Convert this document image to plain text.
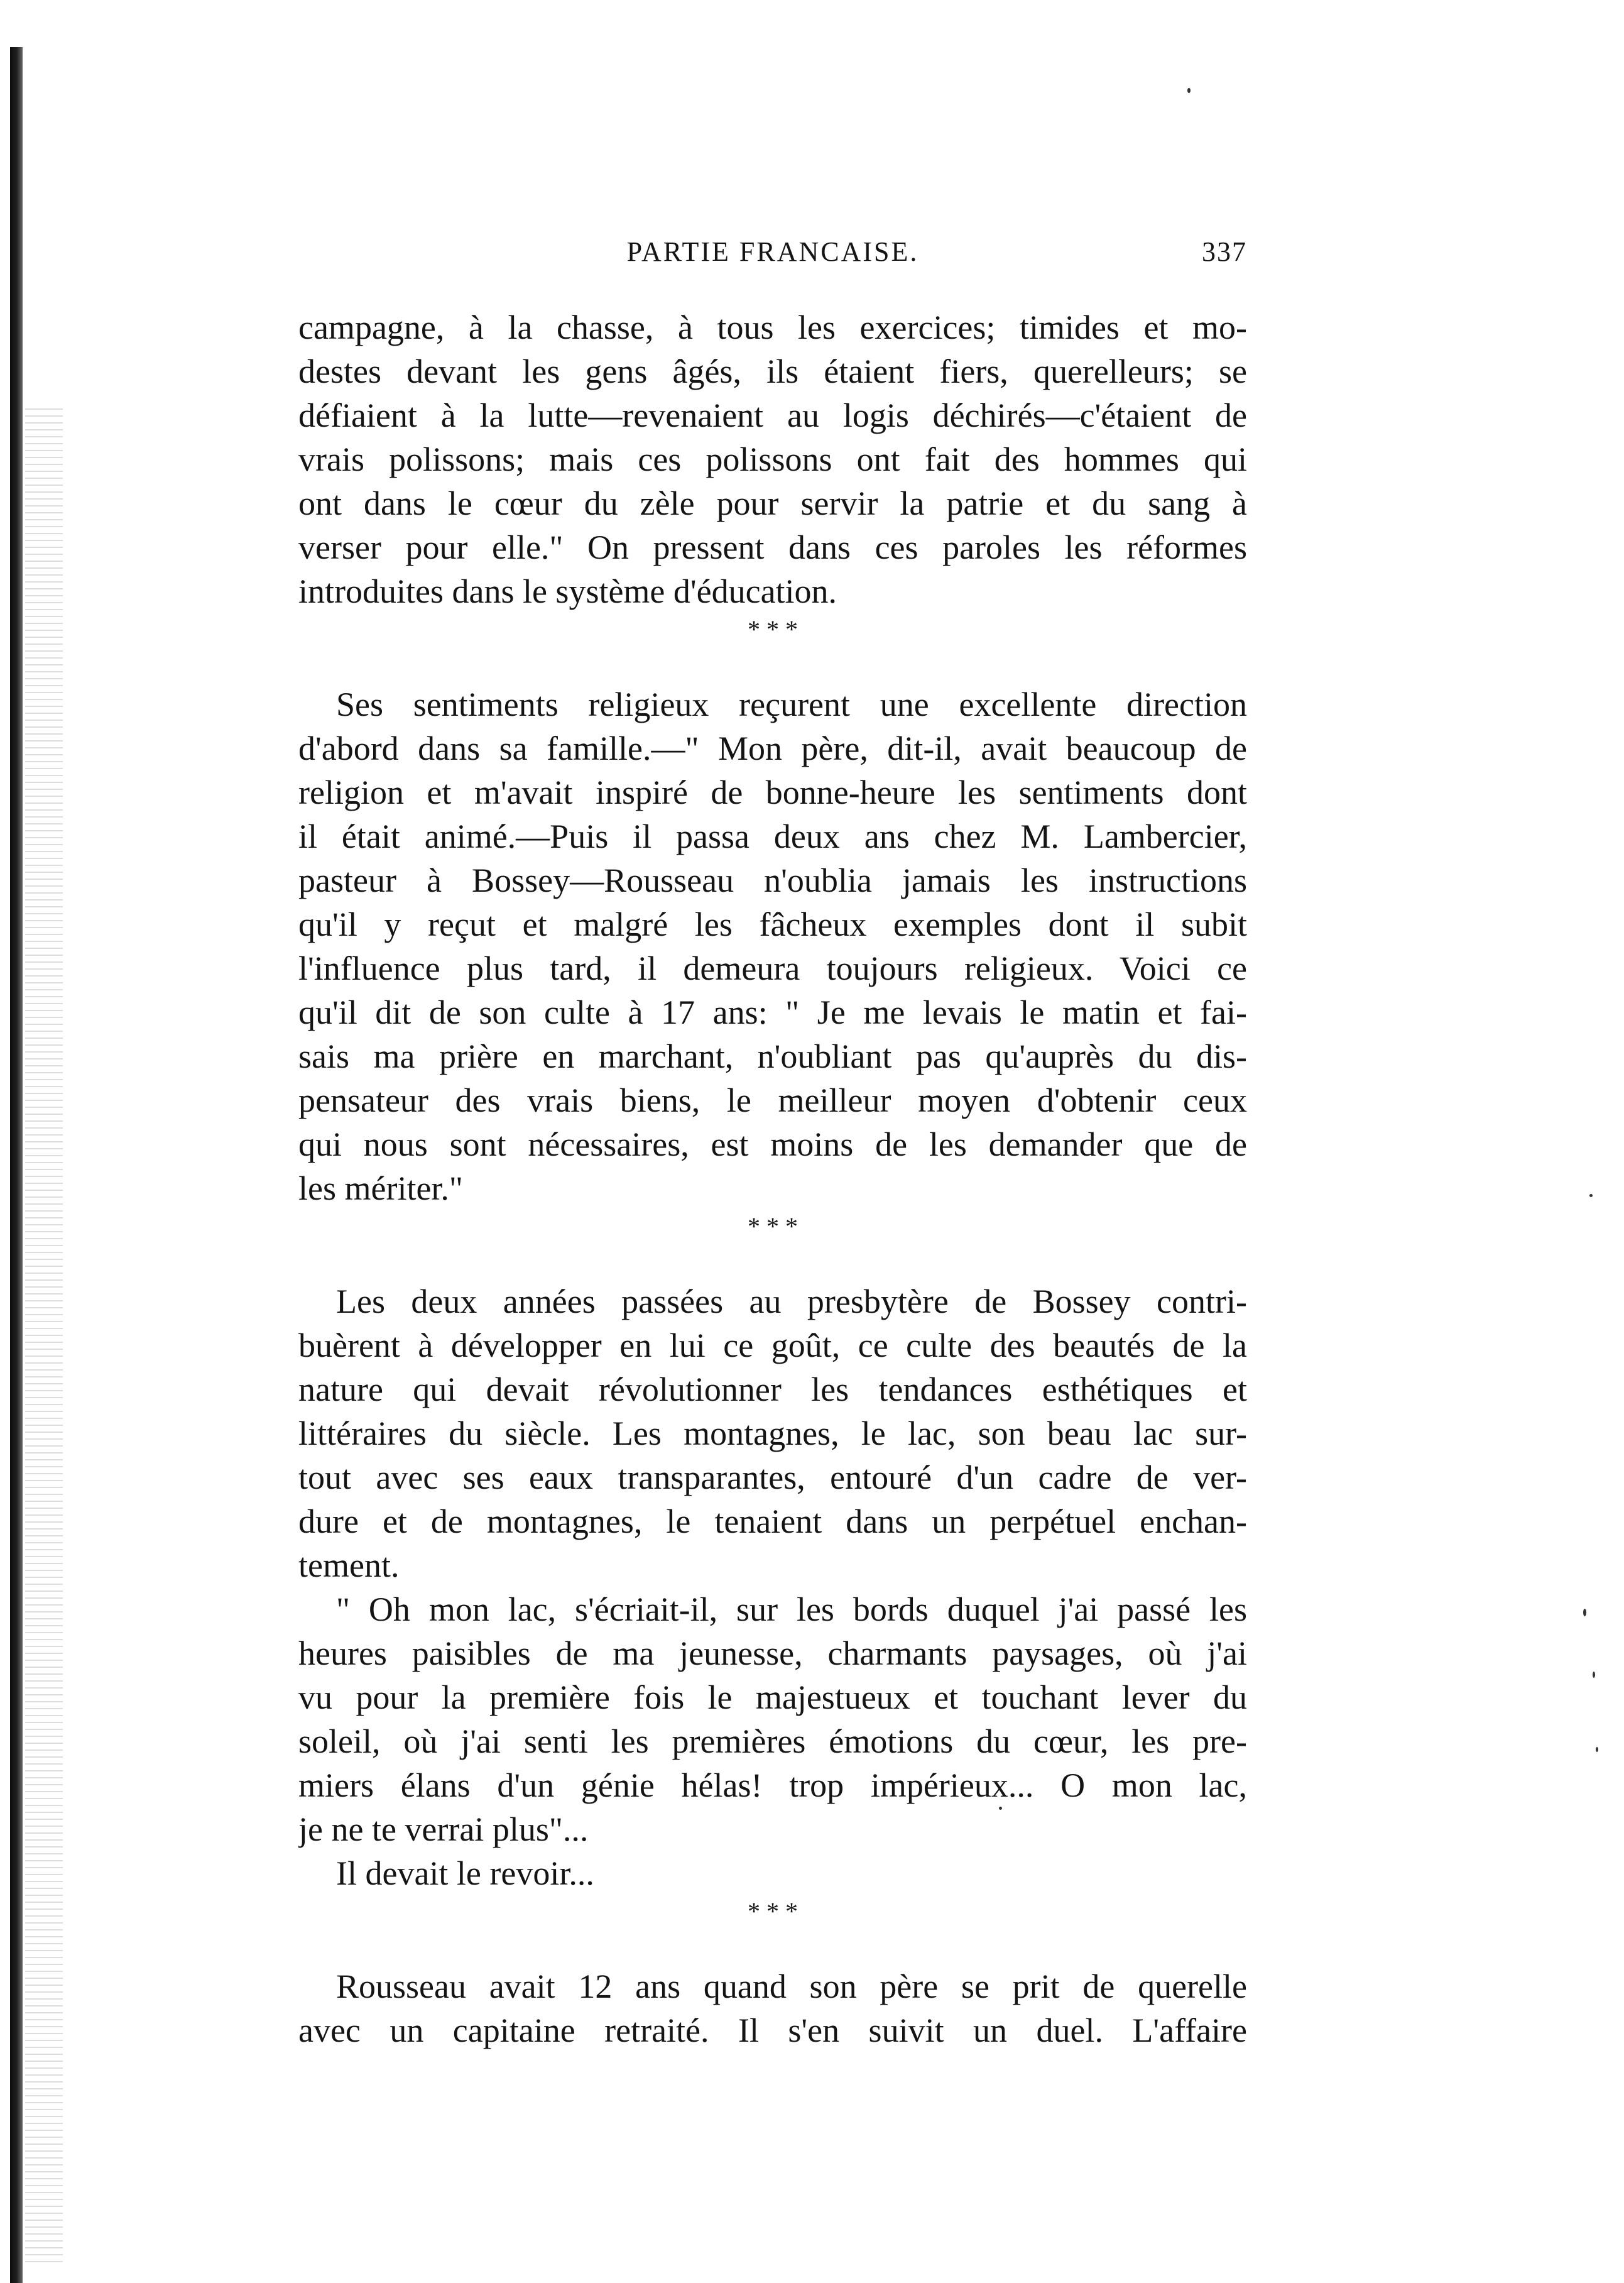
PARTIE FRANCAISE.	337
campagne, à la chasse, à tous les exercices; timides et mo-
destes devant les gens âgés, ils étaient fiers, querelleurs; se
défiaient à la lutte—revenaient au logis déchirés—c'étaient de
vrais polissons; mais ces polissons ont fait des hommes qui
ont dans le cœur du zèle pour servir la patrie et du sang à
verser pour elle." On pressent dans ces paroles les réformes
introduites dans le système d'éducation.
* * *
Ses sentiments religieux reçurent une excellente direction
d'abord dans sa famille.—" Mon père, dit-il, avait beaucoup de
religion et m'avait inspiré de bonne-heure les sentiments dont
il était animé.—Puis il passa deux ans chez M. Lambercier,
pasteur à Bossey—Rousseau n'oublia jamais les instructions
qu'il y reçut et malgré les fâcheux exemples dont il subit
l'influence plus tard, il demeura toujours religieux. Voici ce
qu'il dit de son culte à 17 ans: " Je me levais le matin et fai-
sais ma prière en marchant, n'oubliant pas qu'auprès du dis-
pensateur des vrais biens, le meilleur moyen d'obtenir ceux
qui nous sont nécessaires, est moins de les demander que de
les mériter."
* * *
Les deux années passées au presbytère de Bossey contri-
buèrent à développer en lui ce goût, ce culte des beautés de la
nature qui devait révolutionner les tendances esthétiques et
littéraires du siècle. Les montagnes, le lac, son beau lac sur-
tout avec ses eaux transparantes, entouré d'un cadre de ver-
dure et de montagnes, le tenaient dans un perpétuel enchan-
tement.
" Oh mon lac, s'écriait-il, sur les bords duquel j'ai passé les
heures paisibles de ma jeunesse, charmants paysages, où j'ai
vu pour la première fois le majestueux et touchant lever du
soleil, où j'ai senti les premières émotions du cœur, les pre-
miers élans d'un génie hélas! trop impérieux... O mon lac,
je ne te verrai plus"...
Il devait le revoir...
* * *
Rousseau avait 12 ans quand son père se prit de querelle
avec un capitaine retraité. Il s'en suivit un duel. L'affaire
